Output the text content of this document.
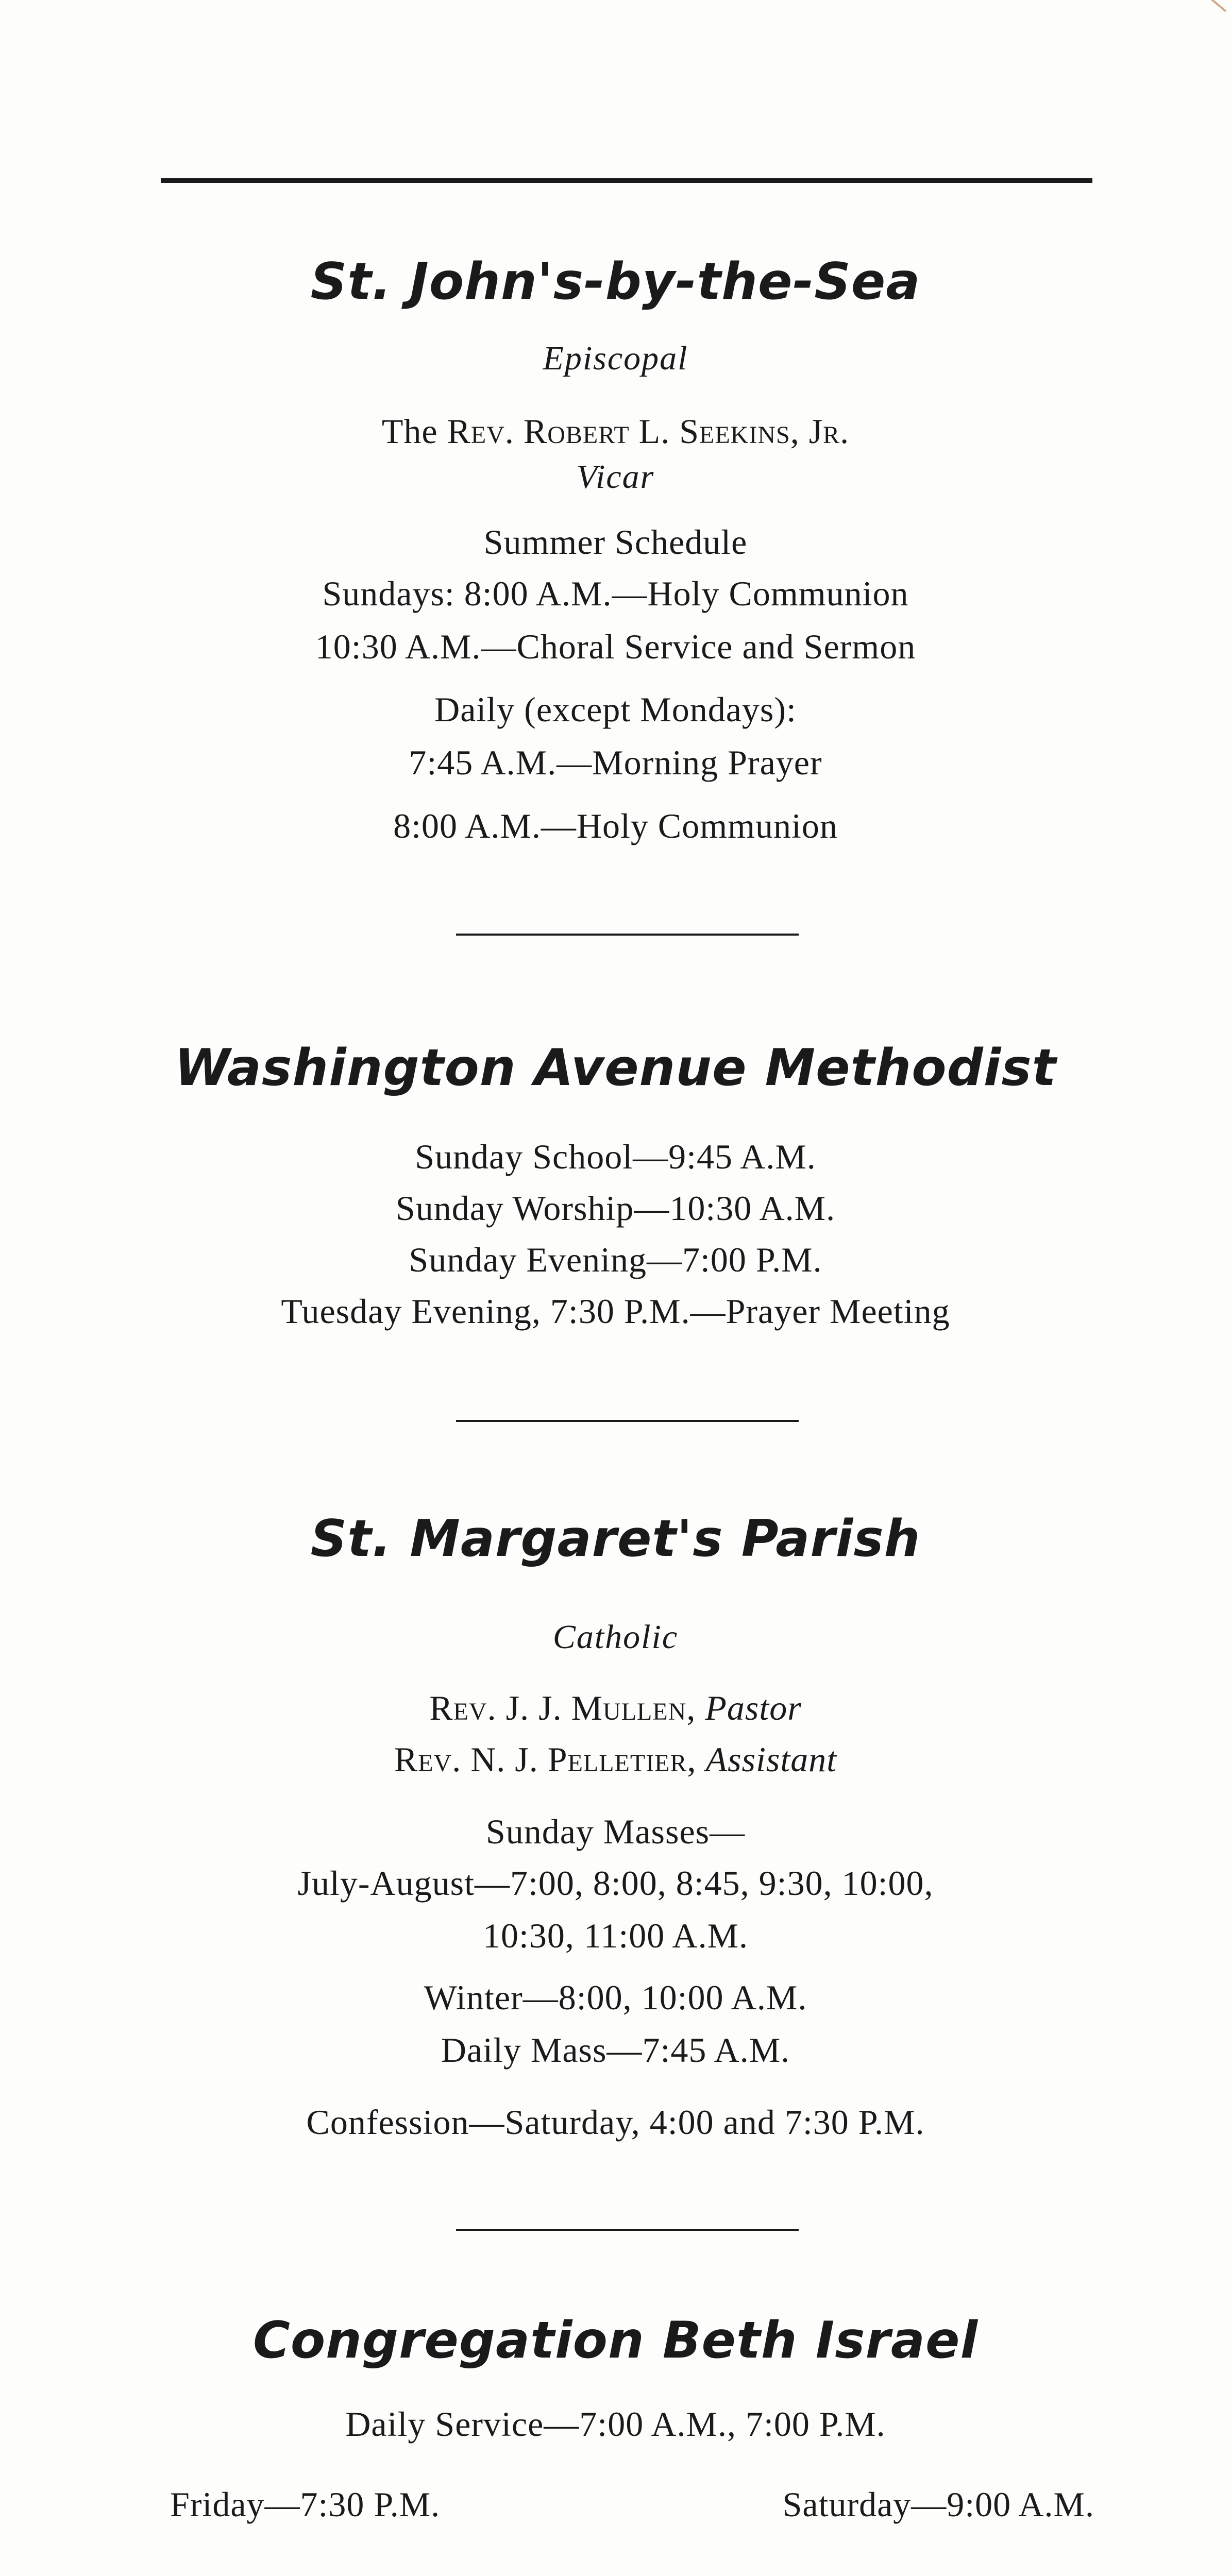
St. John's-by-the-Sea
Episcopal
The Rev. Robert L. Seekins, Jr.
Vicar
Summer Schedule
Sundays: 8:00 A.M.—Holy Communion
10:30 A.M.—Choral Service and Sermon
Daily (except Mondays):
7:45 A.M.—Morning Prayer
8:00 A.M.—Holy Communion
Washington Avenue Methodist
Sunday School—9:45 A.M.
Sunday Worship—10:30 A.M.
Sunday Evening—7:00 P.M.
Tuesday Evening, 7:30 P.M.—Prayer Meeting
St. Margaret's Parish
Catholic
Rev. J. J. Mullen, Pastor
Rev. N. J. Pelletier, Assistant
Sunday Masses—
July-August—7:00, 8:00, 8:45, 9:30, 10:00,
10:30, 11:00 A.M.
Winter—8:00, 10:00 A.M.
Daily Mass—7:45 A.M.
Confession—Saturday, 4:00 and 7:30 P.M.
Congregation Beth Israel
Daily Service—7:00 A.M., 7:00 P.M.
Friday—7:30 P.M.	Saturday—9:00 A.M.
